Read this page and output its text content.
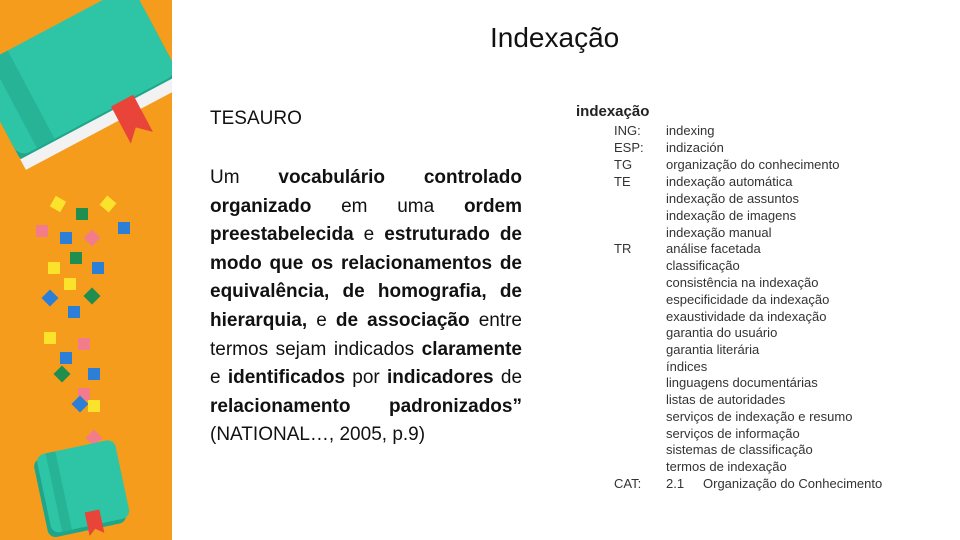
Indexação
TESAURO
Um vocabulário controlado organizado em uma ordem preestabelecida e estruturado de modo que os relacionamentos de equivalência, de homografia, de hierarquia, e de associação entre termos sejam indicados claramente e identificados por indicadores de relacionamento padronizados” (NATIONAL…, 2005, p.9)
indexação
ING: indexing
ESP: indización
TG	organização do conhecimento
TE	indexação automática
indexação de assuntos
indexação de imagens
indexação manual
TR	análise facetada
classificação
consistência na indexação
especificidade da indexação
exaustividade da indexação
garantia do usuário
garantia literária
índices
linguagens documentárias
listas de autoridades
serviços de indexação e resumo
serviços de informação
sistemas de classificação
termos de indexação
CAT: 2.1 Organização do Conhecimento
